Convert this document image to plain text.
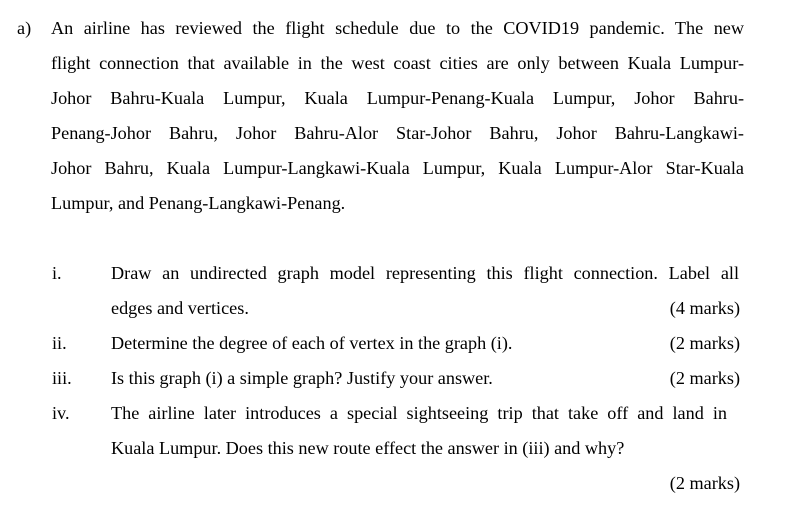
a) An airline has reviewed the flight schedule due to the COVID19 pandemic. The new
flight connection that available in the west coast cities are only between Kuala Lumpur-
Johor Bahru-Kuala Lumpur, Kuala Lumpur-Penang-Kuala Lumpur, Johor Bahru-
Penang-Johor Bahru, Johor Bahru-Alor Star-Johor Bahru, Johor Bahru-Langkawi-
Johor Bahru, Kuala Lumpur-Langkawi-Kuala Lumpur, Kuala Lumpur-Alor Star-Kuala
Lumpur, and Penang-Langkawi-Penang.
i.	Draw an undirected graph model representing this flight connection. Label all
edges and vertices.	(4 marks)
ii. Determine the degree of each of vertex in the graph (i).	(2 marks)
iii. Is this graph (i) a simple graph? Justify your answer.	(2 marks)
iv. The airline later introduces a special sightseeing trip that take off and land in
Kuala Lumpur. Does this new route effect the answer in (iii) and why?
(2 marks)
